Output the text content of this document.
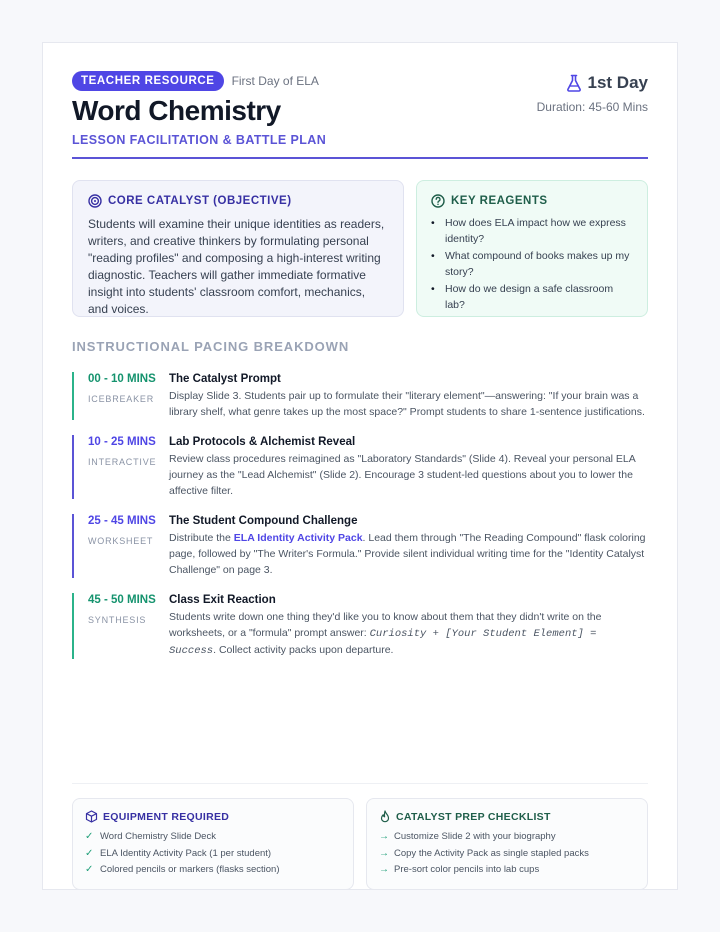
TEACHER RESOURCE	First Day of ELA
Word Chemistry
LESSON FACILITATION & BATTLE PLAN
1st Day
Duration: 45-60 Mins
CORE CATALYST (OBJECTIVE)

Students will examine their unique identities as readers, writers, and creative thinkers by formulating personal "reading profiles" and composing a high-interest writing diagnostic. Teachers will gather immediate formative insight into students' classroom comfort, mechanics, and voices.

KEY REAGENTS
• How does ELA impact how we express identity?
• What compound of books makes up my story?
• How do we design a safe classroom lab?
INSTRUCTIONAL PACING BREAKDOWN
00 - 10 MINS
ICEBREAKER
The Catalyst Prompt
Display Slide 3. Students pair up to formulate their "literary element"—answering: "If your brain was a library shelf, what genre takes up the most space?" Prompt students to share 1-sentence justifications.
10 - 25 MINS
INTERACTIVE
Lab Protocols & Alchemist Reveal
Review class procedures reimagined as "Laboratory Standards" (Slide 4). Reveal your personal ELA journey as the "Lead Alchemist" (Slide 2). Encourage 3 student-led questions about you to lower the affective filter.
25 - 45 MINS
WORKSHEET
The Student Compound Challenge
Distribute the ELA Identity Activity Pack. Lead them through "The Reading Compound" flask coloring page, followed by "The Writer's Formula." Provide silent individual writing time for the "Identity Catalyst Challenge" on page 3.
45 - 50 MINS
SYNTHESIS
Class Exit Reaction
Students write down one thing they'd like you to know about them that they didn't write on the worksheets, or a "formula" prompt answer: Curiosity + [Your Student Element] = Success. Collect activity packs upon departure.
EQUIPMENT REQUIRED
✓ Word Chemistry Slide Deck
✓ ELA Identity Activity Pack (1 per student)
✓ Colored pencils or markers (flasks section)
CATALYST PREP CHECKLIST
→ Customize Slide 2 with your biography
→ Copy the Activity Pack as single stapled packs
→ Pre-sort color pencils into lab cups
